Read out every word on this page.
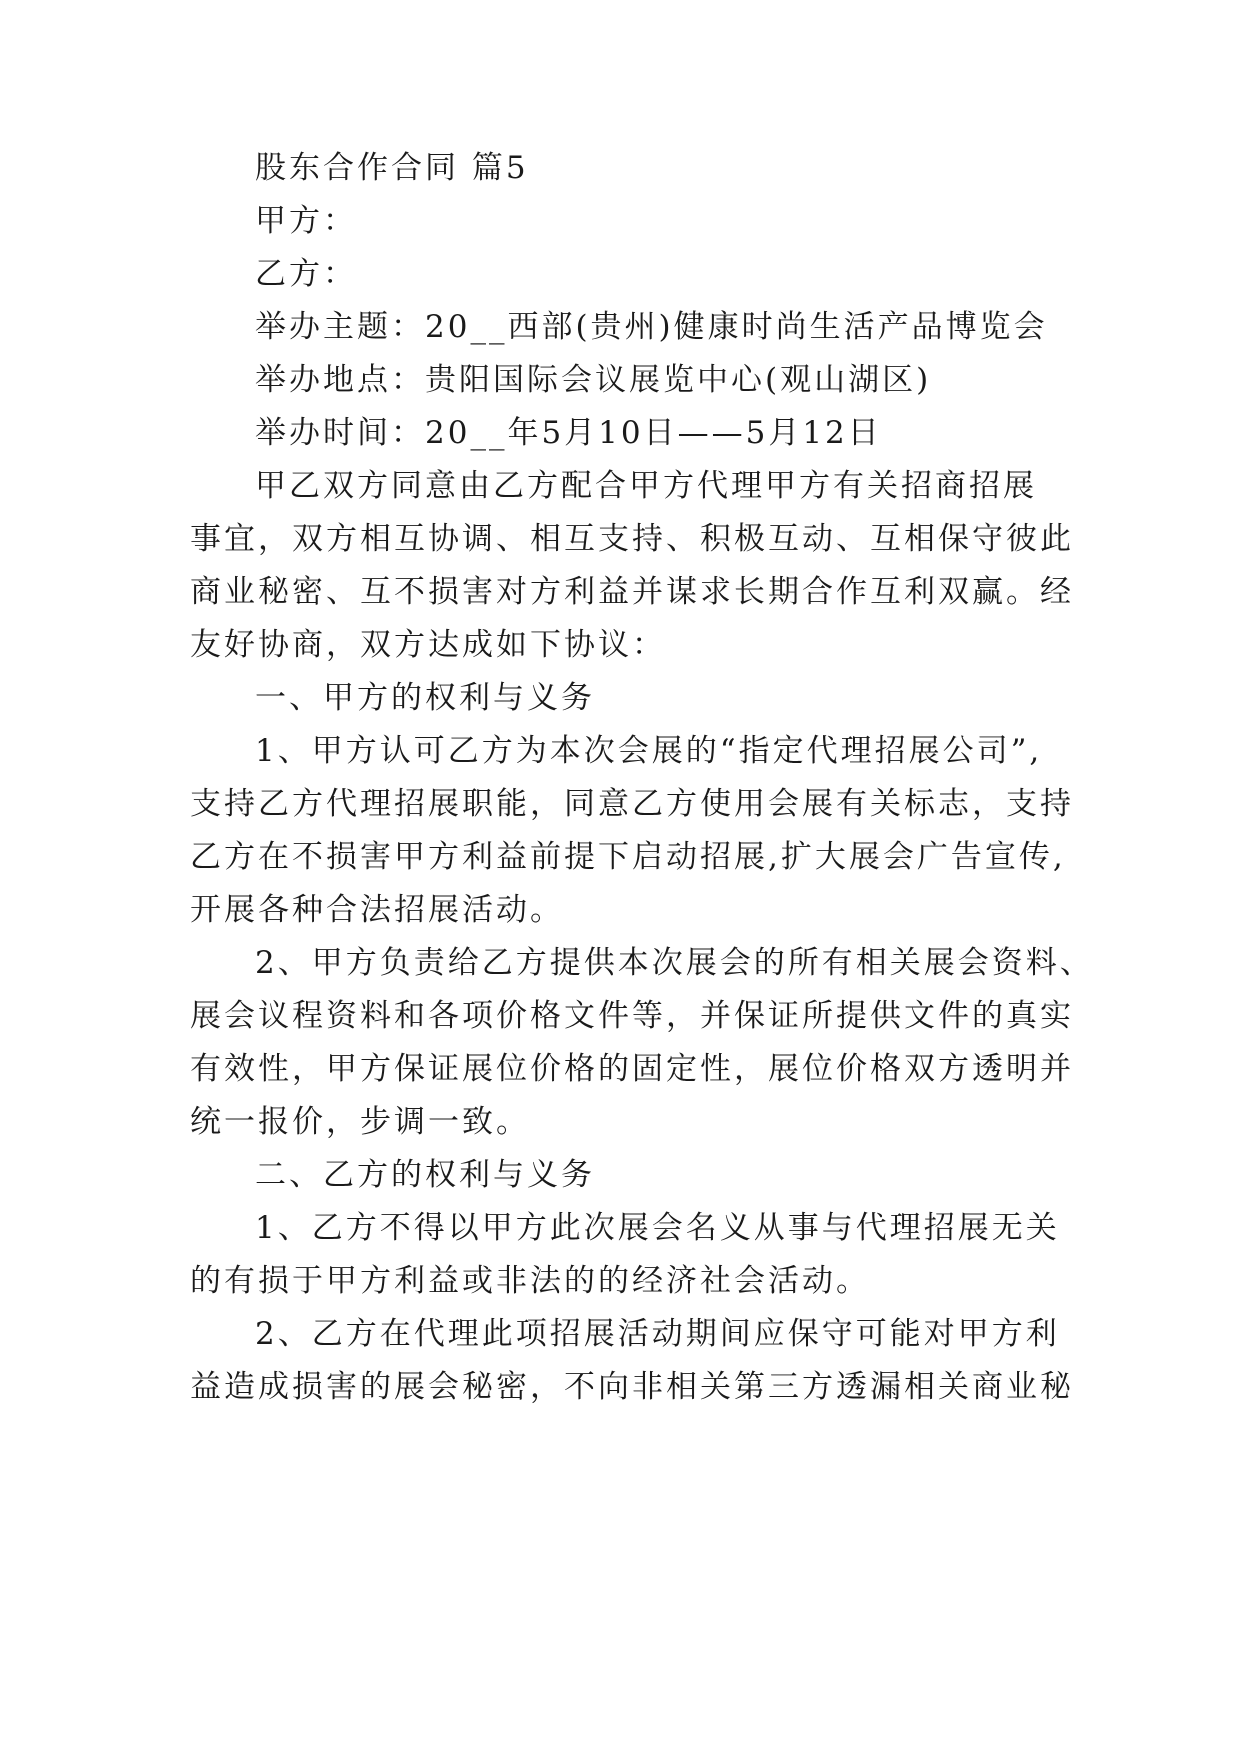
股东合作合同 篇5
甲方：
乙方：
举办主题：20__西部(贵州)健康时尚生活产品博览会
举办地点：贵阳国际会议展览中心(观山湖区)
举办时间：20__年5月10日——5月12日
甲乙双方同意由乙方配合甲方代理甲方有关招商招展
事宜，双方相互协调、相互支持、积极互动、互相保守彼此
商业秘密、互不损害对方利益并谋求长期合作互利双赢。经
友好协商，双方达成如下协议：
一、甲方的权利与义务
1、甲方认可乙方为本次会展的“指定代理招展公司”,
支持乙方代理招展职能，同意乙方使用会展有关标志，支持
乙方在不损害甲方利益前提下启动招展,扩大展会广告宣传,
开展各种合法招展活动。
2、甲方负责给乙方提供本次展会的所有相关展会资料、
展会议程资料和各项价格文件等，并保证所提供文件的真实
有效性，甲方保证展位价格的固定性，展位价格双方透明并
统一报价，步调一致。
二、乙方的权利与义务
1、乙方不得以甲方此次展会名义从事与代理招展无关
的有损于甲方利益或非法的的经济社会活动。
2、乙方在代理此项招展活动期间应保守可能对甲方利
益造成损害的展会秘密，不向非相关第三方透漏相关商业秘
